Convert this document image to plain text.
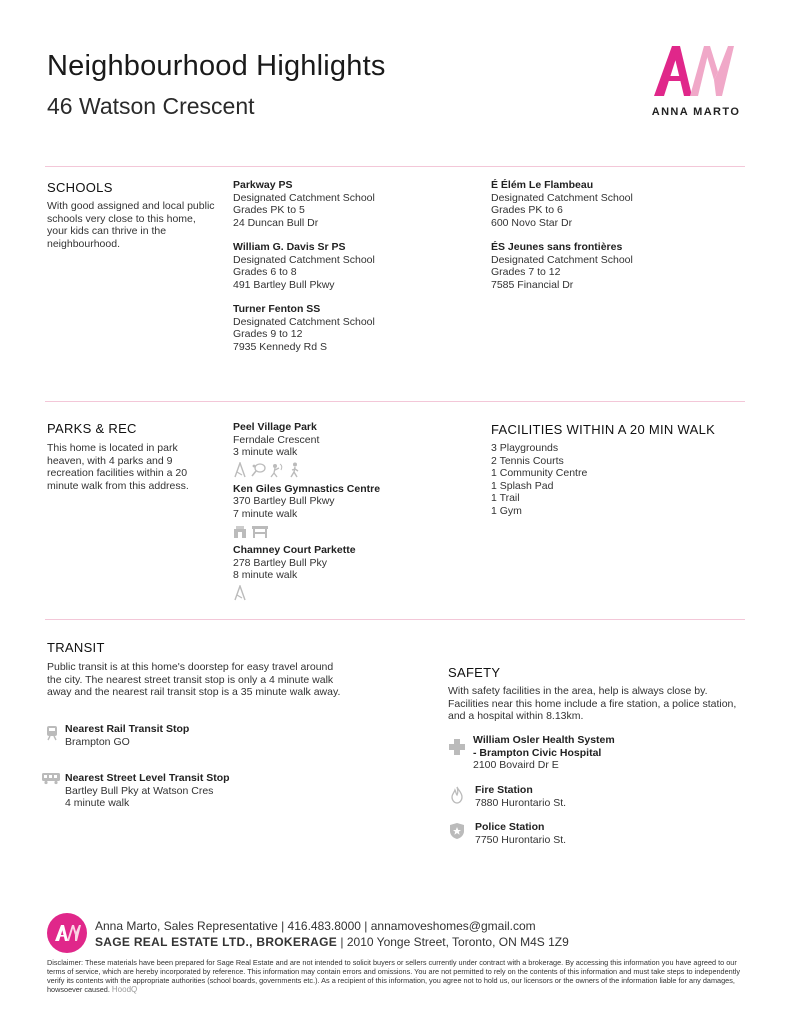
Neighbourhood Highlights
46 Watson Crescent	ANNA MARTO
SCHOOLS
With good assigned and local public schools very close to this home, your kids can thrive in the neighbourhood.
Parkway PS
Designated Catchment School
Grades PK to 5
24 Duncan Bull Dr
William G. Davis Sr PS
Designated Catchment School
Grades 6 to 8
491 Bartley Bull Pkwy
Turner Fenton SS
Designated Catchment School
Grades 9 to 12
7935 Kennedy Rd S
É Élém Le Flambeau
Designated Catchment School
Grades PK to 6
600 Novo Star Dr
ÉS Jeunes sans frontières
Designated Catchment School
Grades 7 to 12
7585 Financial Dr
PARKS & REC
This home is located in park heaven, with 4 parks and 9 recreation facilities within a 20 minute walk from this address.
Peel Village Park
Ferndale Crescent
3 minute walk
Ken Giles Gymnastics Centre
370 Bartley Bull Pkwy
7 minute walk
Chamney Court Parkette
278 Bartley Bull Pky
8 minute walk
FACILITIES WITHIN A 20 MIN WALK
3 Playgrounds
2 Tennis Courts
1 Community Centre
1 Splash Pad
1 Trail
1 Gym
TRANSIT
Public transit is at this home's doorstep for easy travel around the city. The nearest street transit stop is only a 4 minute walk away and the nearest rail transit stop is a 35 minute walk away.
Nearest Rail Transit Stop
Brampton GO
Nearest Street Level Transit Stop
Bartley Bull Pky at Watson Cres
4 minute walk
SAFETY
With safety facilities in the area, help is always close by. Facilities near this home include a fire station, a police station, and a hospital within 8.13km.
William Osler Health System
- Brampton Civic Hospital
2100 Bovaird Dr E
Fire Station
7880 Hurontario St.
Police Station
7750 Hurontario St.
Anna Marto, Sales Representative | 416.483.8000 | annamoveshomes@gmail.com
SAGE REAL ESTATE LTD., BROKERAGE | 2010 Yonge Street, Toronto, ON M4S 1Z9
Disclaimer: These materials have been prepared for Sage Real Estate and are not intended to solicit buyers or sellers currently under contract with a brokerage. By accessing this information you have agreed to our terms of service, which are hereby incorporated by reference. This information may contain errors and omissions. You are not permitted to rely on the contents of this information and must take steps to independently verify its contents with the appropriate authorities (school boards, governments etc.). As a recipient of this information, you agree not to hold us, our licensors or the owners of the information liable for any damages, howsoever caused. HoodQ
